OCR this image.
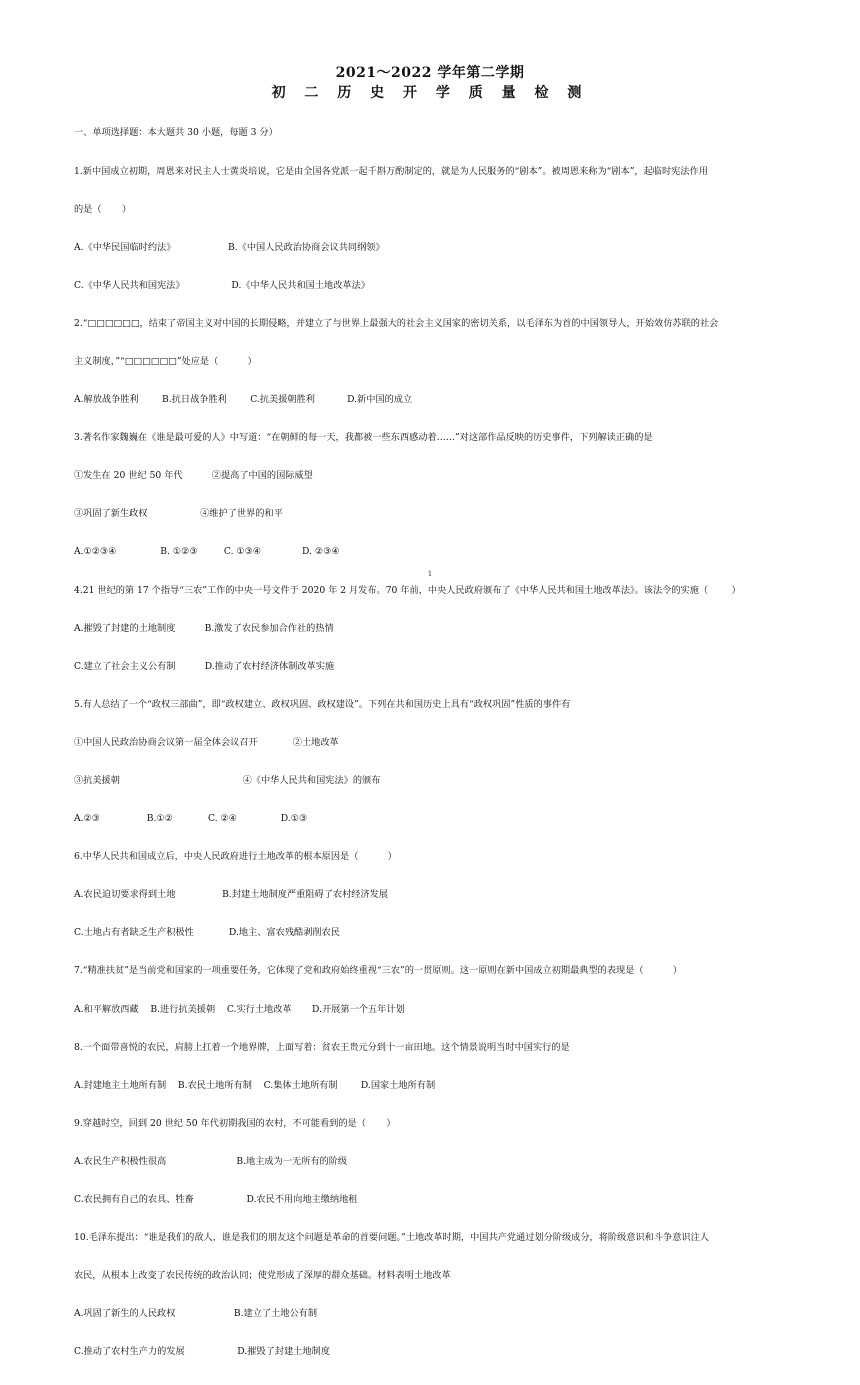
2021～2022 学年第二学期
初 二 历 史 开 学 质 量 检 测

一、单项选择题：本大题共 30 小题，每题 3 分）

1.新中国成立初期，周恩来对民主人士黄炎培说，它是由全国各党派一起千斟万酌制定的，就是为人民服务的“剧本”。被周恩来称为“剧本”，起临时宪法作用

的是（       ）

A.《中华民国临时约法》                  B.《中国人民政治协商会议共同纲领》

C.《中华人民共和国宪法》                D.《中华人民共和国土地改革法》

2.“□□□□□□，结束了帝国主义对中国的长期侵略，并建立了与世界上最强大的社会主义国家的密切关系，以毛泽东为首的中国领导人，开始效仿苏联的社会

主义制度，”“□□□□□□”处应是（          ）

A.解放战争胜利        B.抗日战争胜利        C.抗美援朝胜利           D.新中国的成立

3.著名作家魏巍在《谁是最可爱的人》中写道：“在朝鲜的每一天，我都被一些东西感动着……”对这部作品反映的历史事件，下列解读正确的是

①发生在 20 世纪 50 年代          ②提高了中国的国际威望

③巩固了新生政权                  ④维护了世界的和平

A.①②③④               B. ①②③         C. ①③④              D. ②③④

4.21 世纪的第 17 个指导“三农”工作的中央一号文件于 2020 年 2 月发布。70 年前，中央人民政府颁布了《中华人民共和国土地改革法》。该法令的实施（        ）

A.摧毁了封建的土地制度          B.激发了农民参加合作社的热情

C.建立了社会主义公有制          D.推动了农村经济体制改革实施

5.有人总结了一个“政权三部曲”，即“政权建立、政权巩固、政权建设”。下列在共和国历史上具有“政权巩固”性质的事件有

①中国人民政治协商会议第一届全体会议召开            ②土地改革

③抗美援朝                                          ④《中华人民共和国宪法》的颁布

A.②③                B.①②            C. ②④               D.①③

6.中华人民共和国成立后，中央人民政府进行土地改革的根本原因是（          ）

A.农民迫切要求得到土地                B.封建土地制度严重阻碍了农村经济发展

C.土地占有者缺乏生产积极性            D.地主、富农残酷剥削农民

7.“精准扶贫”是当前党和国家的一项重要任务，它体现了党和政府始终重视“三农”的一贯原则。这一原则在新中国成立初期最典型的表现是（          ）

A.和平解放西藏    B.进行抗美援朝    C.实行土地改革       D.开展第一个五年计划

8.一个面带喜悦的农民，肩膀上扛着一个地界牌，上面写着：贫农王贵元分到十一亩田地。这个情景说明当时中国实行的是

A.封建地主土地所有制    B.农民土地所有制    C.集体土地所有制        D.国家土地所有制

9.穿越时空，回到 20 世纪 50 年代初期我国的农村，不可能看到的是（       ）

A.农民生产积极性很高                        B.地主成为一无所有的阶级

C.农民拥有自己的农具、牲畜                  D.农民不用向地主缴纳地租

10.毛泽东提出：“谁是我们的敌人，谁是我们的朋友这个问题是革命的首要问题。”土地改革时期，中国共产党通过划分阶级成分，将阶级意识和斗争意识注人

农民，从根本上改变了农民传统的政治认同；使党形成了深厚的群众基础。材料表明土地改革

A.巩固了新生的人民政权                    B.建立了土地公有制

C.推动了农村生产力的发展                  D.摧毁了封建土地制度

1
